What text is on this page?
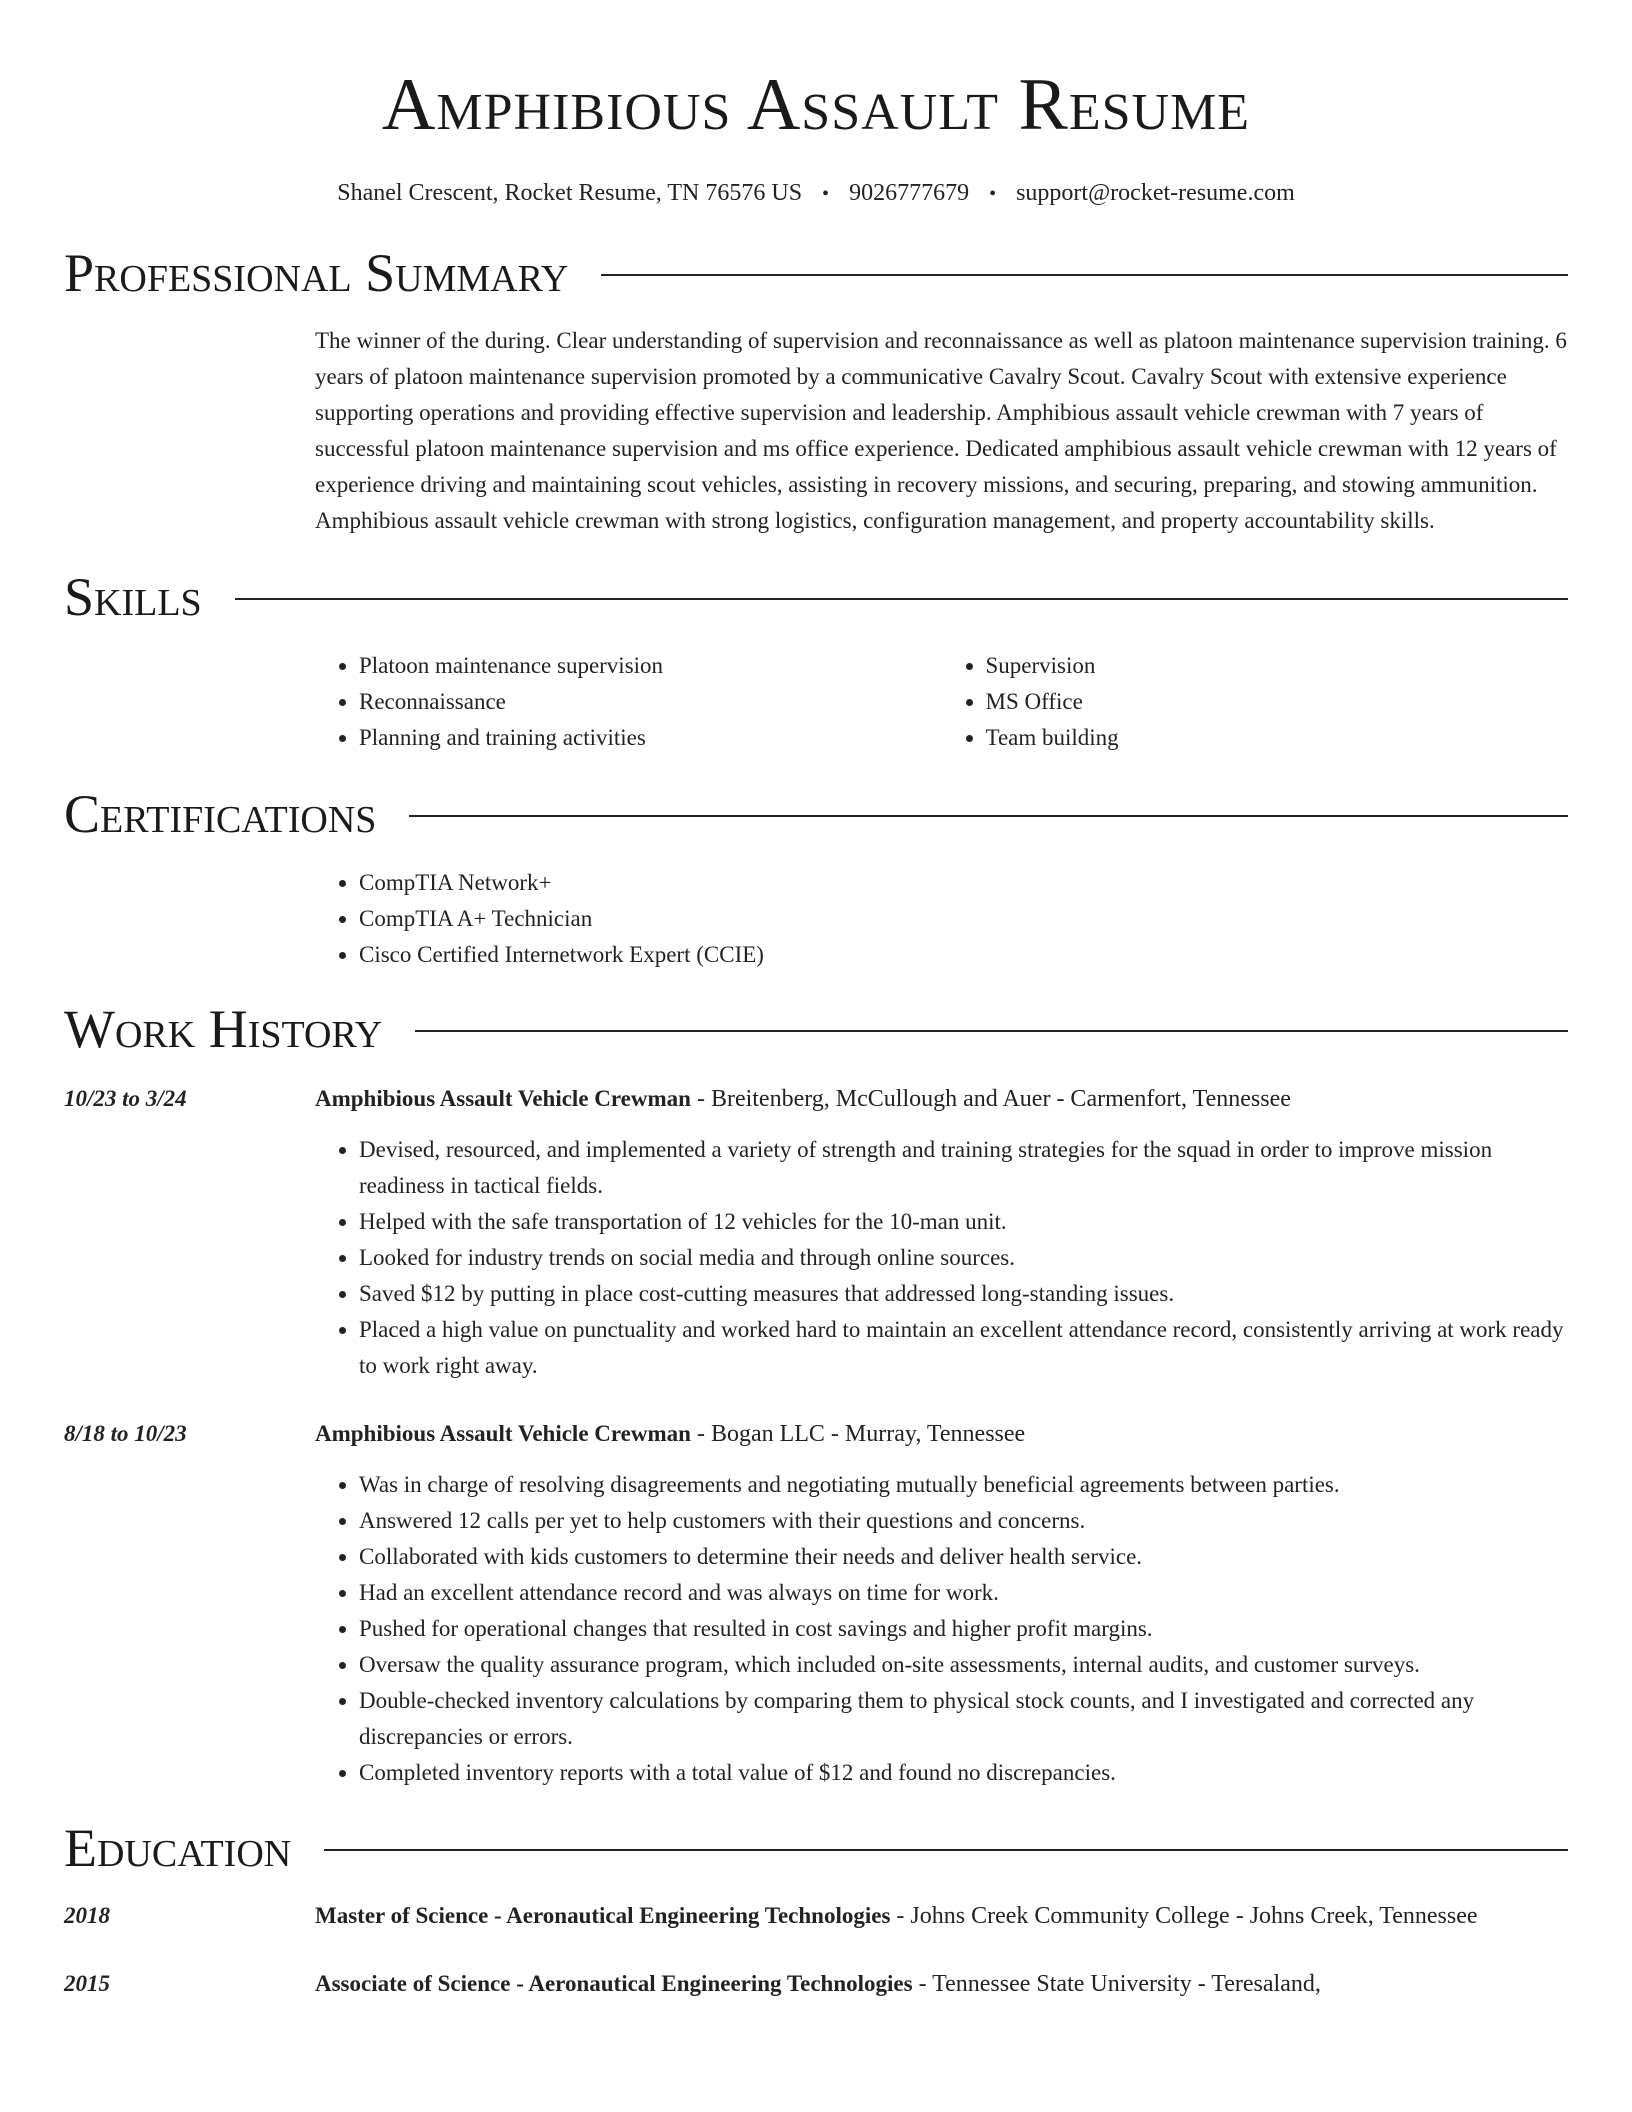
Amphibious Assault Resume
Shanel Crescent, Rocket Resume, TN 76576 US • 9026777679 • support@rocket-resume.com
Professional Summary

The winner of the during. Clear understanding of supervision and reconnaissance as well as platoon maintenance supervision training. 6 years of platoon maintenance supervision promoted by a communicative Cavalry Scout. Cavalry Scout with extensive experience supporting operations and providing effective supervision and leadership. Amphibious assault vehicle crewman with 7 years of successful platoon maintenance supervision and ms office experience. Dedicated amphibious assault vehicle crewman with 12 years of experience driving and maintaining scout vehicles, assisting in recovery missions, and securing, preparing, and stowing ammunition. Amphibious assault vehicle crewman with strong logistics, configuration management, and property accountability skills.

Skills
• Platoon maintenance supervision
• Reconnaissance
• Planning and training activities
• Supervision
• MS Office
• Team building
Certifications
• CompTIA Network+
• CompTIA A+ Technician
• Cisco Certified Internetwork Expert (CCIE)
Work History
10/23 to 3/24	Amphibious Assault Vehicle Crewman - Breitenberg, McCullough and Auer - Carmenfort, Tennessee
• Devised, resourced, and implemented a variety of strength and training strategies for the squad in order to improve mission readiness in tactical fields.
• Helped with the safe transportation of 12 vehicles for the 10-man unit.
• Looked for industry trends on social media and through online sources.
• Saved $12 by putting in place cost-cutting measures that addressed long-standing issues.
• Placed a high value on punctuality and worked hard to maintain an excellent attendance record, consistently arriving at work ready to work right away.
8/18 to 10/23	Amphibious Assault Vehicle Crewman - Bogan LLC - Murray, Tennessee
• Was in charge of resolving disagreements and negotiating mutually beneficial agreements between parties.
• Answered 12 calls per yet to help customers with their questions and concerns.
• Collaborated with kids customers to determine their needs and deliver health service.
• Had an excellent attendance record and was always on time for work.
• Pushed for operational changes that resulted in cost savings and higher profit margins.
• Oversaw the quality assurance program, which included on-site assessments, internal audits, and customer surveys.
• Double-checked inventory calculations by comparing them to physical stock counts, and I investigated and corrected any discrepancies or errors.
• Completed inventory reports with a total value of $12 and found no discrepancies.
Education
2018	Master of Science - Aeronautical Engineering Technologies - Johns Creek Community College - Johns Creek, Tennessee
2015	Associate of Science - Aeronautical Engineering Technologies - Tennessee State University - Teresaland,
